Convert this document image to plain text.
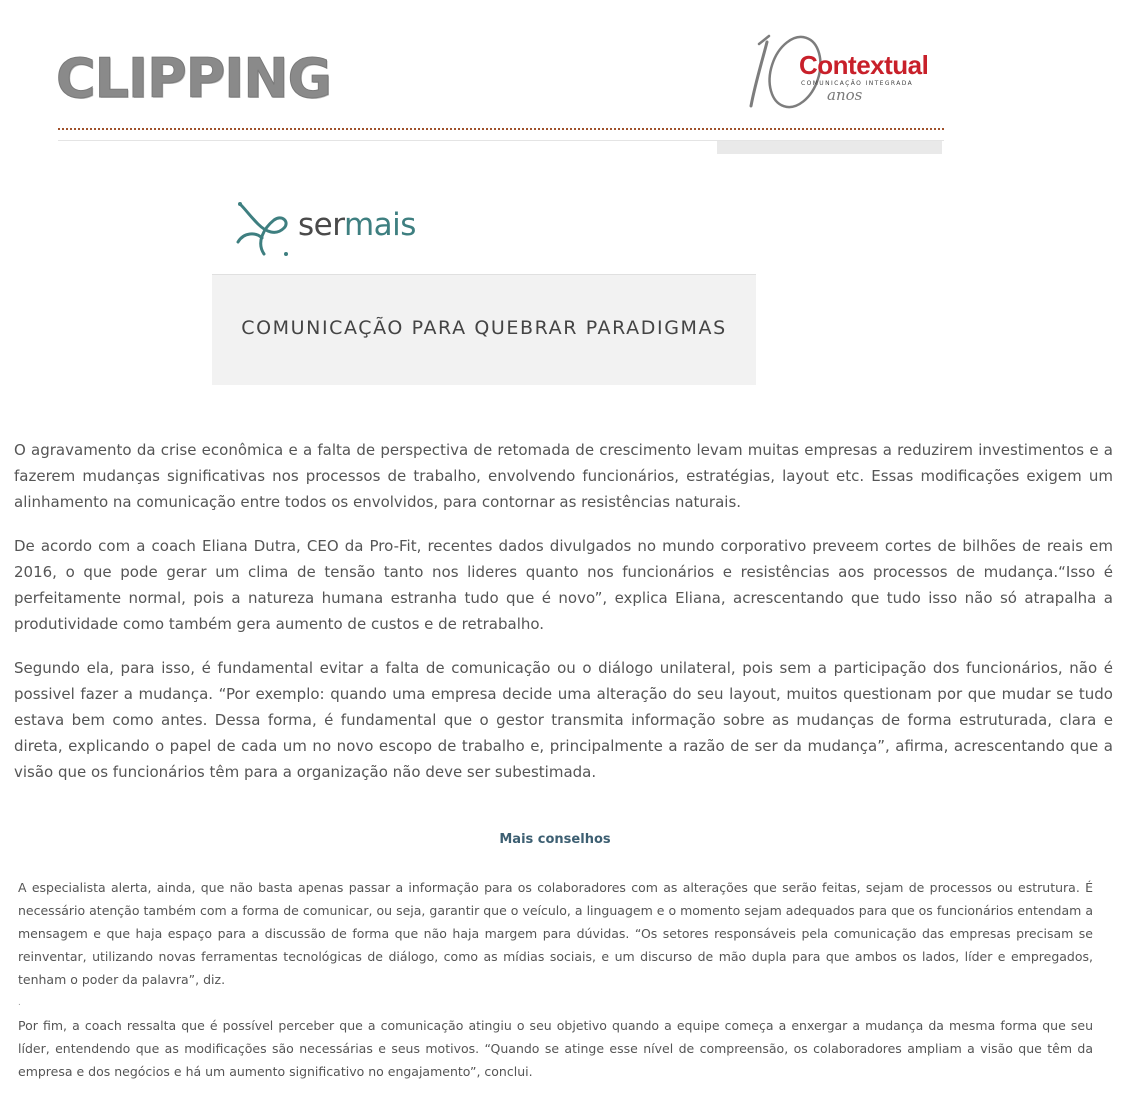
CLIPPING	Contextual
COMUNICAÇÃO INTEGRADA
anos
sermais
COMUNICAÇÃO PARA QUEBRAR PARADIGMAS

O agravamento da crise econômica e a falta de perspectiva de retomada de crescimento levam muitas empresas a reduzirem investimentos e a fazerem mudanças significativas nos processos de trabalho, envolvendo funcionários, estratégias, layout etc. Essas modificações exigem um alinhamento na comunicação entre todos os envolvidos, para contornar as resistências naturais.

De acordo com a coach Eliana Dutra, CEO da Pro-Fit, recentes dados divulgados no mundo corporativo preveem cortes de bilhões de reais em 2016, o que pode gerar um clima de tensão tanto nos lideres quanto nos funcionários e resistências aos processos de mudança.“Isso é perfeitamente normal, pois a natureza humana estranha tudo que é novo”, explica Eliana, acrescentando que tudo isso não só atrapalha a produtividade como também gera aumento de custos e de retrabalho.

Segundo ela, para isso, é fundamental evitar a falta de comunicação ou o diálogo unilateral, pois sem a participação dos funcionários, não é possivel fazer a mudança. “Por exemplo: quando uma empresa decide uma alteração do seu layout, muitos questionam por que mudar se tudo estava bem como antes. Dessa forma, é fundamental que o gestor transmita informação sobre as mudanças de forma estruturada, clara e direta, explicando o papel de cada um no novo escopo de trabalho e, principalmente a razão de ser da mudança”, afirma, acrescentando que a visão que os funcionários têm para a organização não deve ser subestimada.

Mais conselhos

A especialista alerta, ainda, que não basta apenas passar a informação para os colaboradores com as alterações que serão feitas, sejam de processos ou estrutura. É necessário atenção também com a forma de comunicar, ou seja, garantir que o veículo, a linguagem e o momento sejam adequados para que os funcionários entendam a mensagem e que haja espaço para a discussão de forma que não haja margem para dúvidas. “Os setores responsáveis pela comunicação das empresas precisam se reinventar, utilizando novas ferramentas tecnológicas de diálogo, como as mídias sociais, e um discurso de mão dupla para que ambos os lados, líder e empregados, tenham o poder da palavra”, diz.

.

Por fim, a coach ressalta que é possível perceber que a comunicação atingiu o seu objetivo quando a equipe começa a enxergar a mudança da mesma forma que seu líder, entendendo que as modificações são necessárias e seus motivos. “Quando se atinge esse nível de compreensão, os colaboradores ampliam a visão que têm da empresa e dos negócios e há um aumento significativo no engajamento”, conclui.
